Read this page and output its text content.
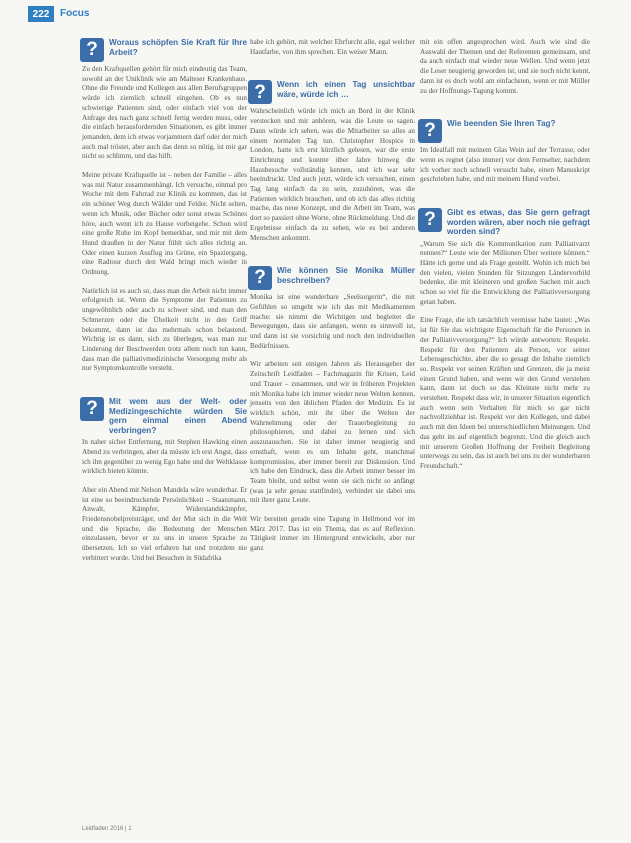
222 Focus
?	Woraus schöpfen Sie Kraft für Ihre Arbeit?

Zu den Kraftquellen gehört für mich eindeutig das Team, sowohl an der Uniklinik wie am Malteser Krankenhaus. Ohne die Freunde und Kollegen aus allen Berufsgruppen würde ich ziemlich schnell eingehen. Ob es nun schwierige Patienten sind, oder einfach viel von der Anfrage des nach ganz schnell fertig werden muss, oder die einfach herausfordernden Situationen, es gibt immer jemanden, dem ich etwas vorjammern darf oder der mich auch mal tröstet, aber auch das denn so nötig, ist mir gar nicht so schlimm, und das hilft.

Meine private Kraftquelle ist – neben der Familie – alles was mit Natur zusammenhängt. Ich versuche, einmal pro Woche mit dem Fahrrad zur Klinik zu kommen, das ist ein schöner Weg durch Wälder und Felder. Nicht selten, wenn ich Musik, oder Bücher oder sonst etwas Schönes höre, auch wenn ich zu Hause vorbeigehe. Schon wird eine große Ruhe im Kopf bemerkbar, und mir mit dem Hund draußen in der Natur fühlt sich alles richtig an. Oder einen kurzen Ausflug ins Grüne, ein Spaziergang, eine Radtour durch den Wald bringt mich wieder in Ordnung.

Natürlich ist es auch so, dass man die Arbeit nicht immer erfolgreich ist. Wenn die Symptome der Patienten zu ungewöhnlich oder auch zu schwer sind, und man den Schmerzen oder die Übelkeit nicht in den Griff bekommt, dann ist das mehrmals schon belastend. Wichtig ist es dann, sich zu überlegen, was man zur Linderung der Beschwerden trotz allem noch tun kann, dass man die palliativmedizinische Versorgung mehr als nur Symptomkontrolle versteht.

?	Mit wem aus der Welt- oder Medizingeschichte würden Sie gern einmal einen Abend verbringen?

In naher sicher Entfernung, mit Stephen Hawking einen Abend zu verbringen, aber da müsste ich erst Angst, dass ich ihn gegenüber zu wenig Ego habe und der Weltklasse wirklich bieten könnte.

Aber ein Abend mit Nelson Mandela wäre wunderbar. Er ist eine so beeindruckende Persönlichkeit – Staatsmann, Anwalt, Kämpfer, Widerstandskämpfer, Friedensnobelpreisträger, und der Mut sich in die Welt und die Sprache, die Bedeutung der Menschen einzulassen, bevor er zu uns in unsere Sprache zu übersetzen. Ich so viel erfahren hat und trotzdem nie verbittert wurde. Und bei Besuchen in Südafrika

habe ich gehört, mit welcher Ehrfurcht alle, egal welcher Hautfarbe, von ihm sprechen. Ein weiser Mann.

?	Wenn ich einen Tag unsichtbar wäre, würde ich …

Wahrscheinlich würde ich mich an Bord in der Klinik verstecken und mir anhören, was die Leute so sagen. Dann würde ich sehen, was die Mitarbeiter so alles an einem normalen Tag tun. Christopher Hospice in London, hatte ich erst kürzlich gelesen, war die erste Einrichtung und konnte über Jahre hinweg die Hausbesuche vollständig kennen, und ich war sehr beeindruckt. Und auch jetzt, würde ich versuchen, einen Tag lang einfach da zu sein, zuzuhören, was die Patienten wirklich brauchen, und ob ich das alles richtig mache, das neue Konzept, und die Arbeit im Team, was dort so passiert ohne Worte, ohne Rückmeldung. Und die Ergebnisse einfach da zu sehen, wie es bei anderen Menschen ankommt.

?	Wie können Sie Monika Müller beschreiben?

Monika ist eine wunderbare „Seelsorgerin“, die mit Gefühlen so umgeht wie ich das mit Medikamenten mache: sie nimmt die Wichtigen und begleitet die Bewegungen, dass sie anfangen, wenn es sinnvoll ist, und dann ist sie vorsichtig und noch den individuellen Bedürfnissen.

Wir arbeiten seit einigen Jahren als Herausgeber der Zeitschrift Leidfaden – Fachmagazin für Krisen, Leid und Trauer – zusammen, und wir in früheren Projekten mit Monika habe ich immer wieder neue Welten kennen, jenseits von den üblichen Pfaden der Medizin. Es ist wirklich schön, mit ihr über die Welten der Wahrnehmung oder der Trauerbegleitung zu philosophieren, und dabei zu lernen und sich auszutauschen. Sie ist daher immer neugierig und ernsthaft, wenn es um Inhalte geht, manchmal kompromisslos, aber immer bereit zur Diskussion. Und ich habe den Eindruck, dass die Arbeit immer besser im Team bleibt, und selbst wenn sie sich nicht so anfängt (was ja sehr genau stattfindet), verbindet sie dabei uns mit ihrer ganz Leute.

Wir bereiten gerade eine Tagung in Hellmond vor im März 2017. Das ist ein Thema, das es auf Reflexion. Tätigkeit immer im Hintergrund entwickeln, aber nur ganz

mit ein offen angesprochen wird. Auch wie sind die Auswahl der Themen und der Referenten gemeinsam, und da auch einfach mal wieder neue Wellen. Und wenn jetzt die Leser neugierig geworden ist, und sie noch nicht kennt, dann ist es doch wohl am einfachsten, wenn er mit Müller zu der Hoffnungs-Tagung kommt.

?	Wie beenden Sie Ihren Tag?

Im Idealfall mit meinem Glas Wein auf der Terrasse, oder wenn es regnet (also immer) vor dem Fernseher, nachdem ich vorher noch schnell versucht habe, einen Manuskript geschrieben habe, und mit meinem Hund vorbei.

?	Gibt es etwas, das Sie gern gefragt worden wären, aber noch nie gefragt worden sind?

„Warum Sie sich die Kommunikation zum Palliativarzt nennen?“ Leute wie der Millionen Über weitere können.“ Hätte ich gerne und als Frage gestellt. Wohin ich mich bei den vielen, vielen Stunden für Sitzungen Ländervorbild bedenke, die mit kleineren und großen Sachen mit auch schon so viel für die Entwicklung der Palliativversorgung getan haben.

Eine Frage, die ich tatsächlich vermisse habe lautet: „Was ist für Sie das wichtigste Eigenschaft für die Personen in der Palliativversorgung?“ Ich würde antworten: Respekt. Respekt für den Patienten als Person, vor seiner Lebensgeschichte, aber die so gesagt die Inhalte ziemlich so. Respekt vor seinen Kräften und Grenzen, die ja meist einen Grund haben, und wenn wir den Grund verstehen kann, dann ist doch so das Kleinste nicht mehr zu verstehen. Respekt dass wir, in unserer Situation eigentlich auch wenn sein Verhalten für mich so gar nicht nachvollziehbar ist. Respekt vor den Kollegen, und dabei auch mit den Ideen bei unterschiedlichen Meinungen. Und das geht im auf eigentlich begrenzt. Und die gleich auch mit unserem Großen Hoffnung der Freiheit Begleitung unterwegs zu sein, das ist auch bei uns zu der wunderbaren Freundschaft.“

Leidfaden 2016 | 1
